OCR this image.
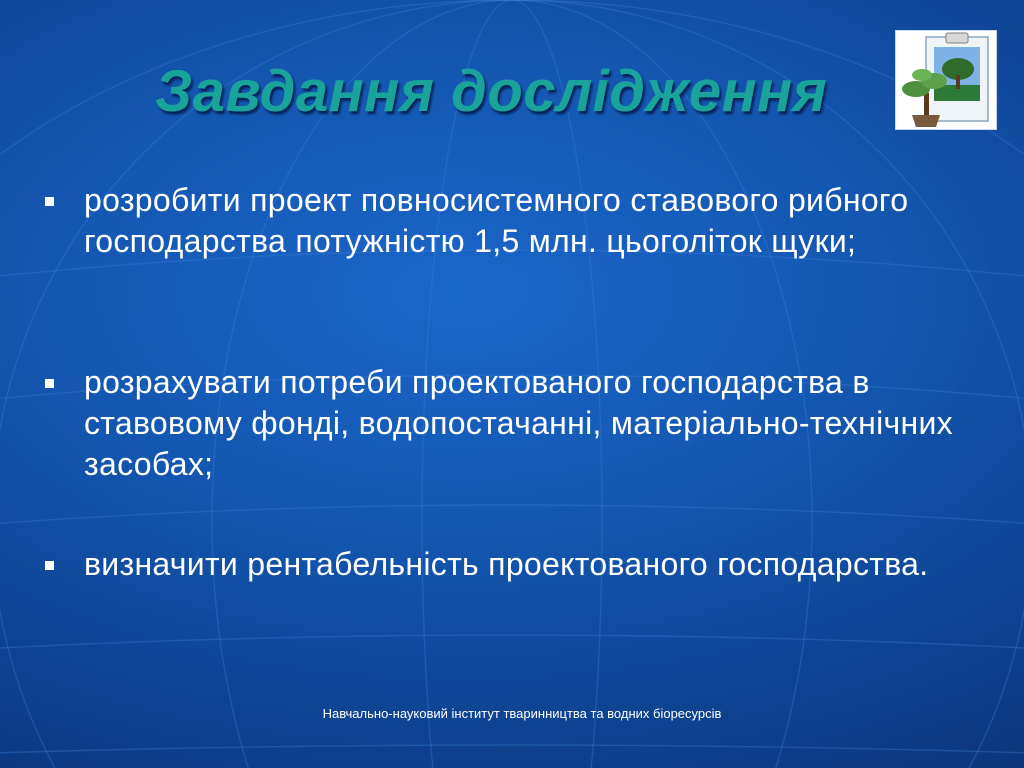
Завдання дослідження
розробити проект повносистемного ставового рибного господарства потужністю 1,5 млн. цьоголіток щуки;
розрахувати потреби проектованого господарства в ставовому фонді, водопостачанні, матеріально-технічних засобах;
визначити рентабельність проектованого господарства.
Навчально-науковий інститут тваринництва та водних біоресурсів
